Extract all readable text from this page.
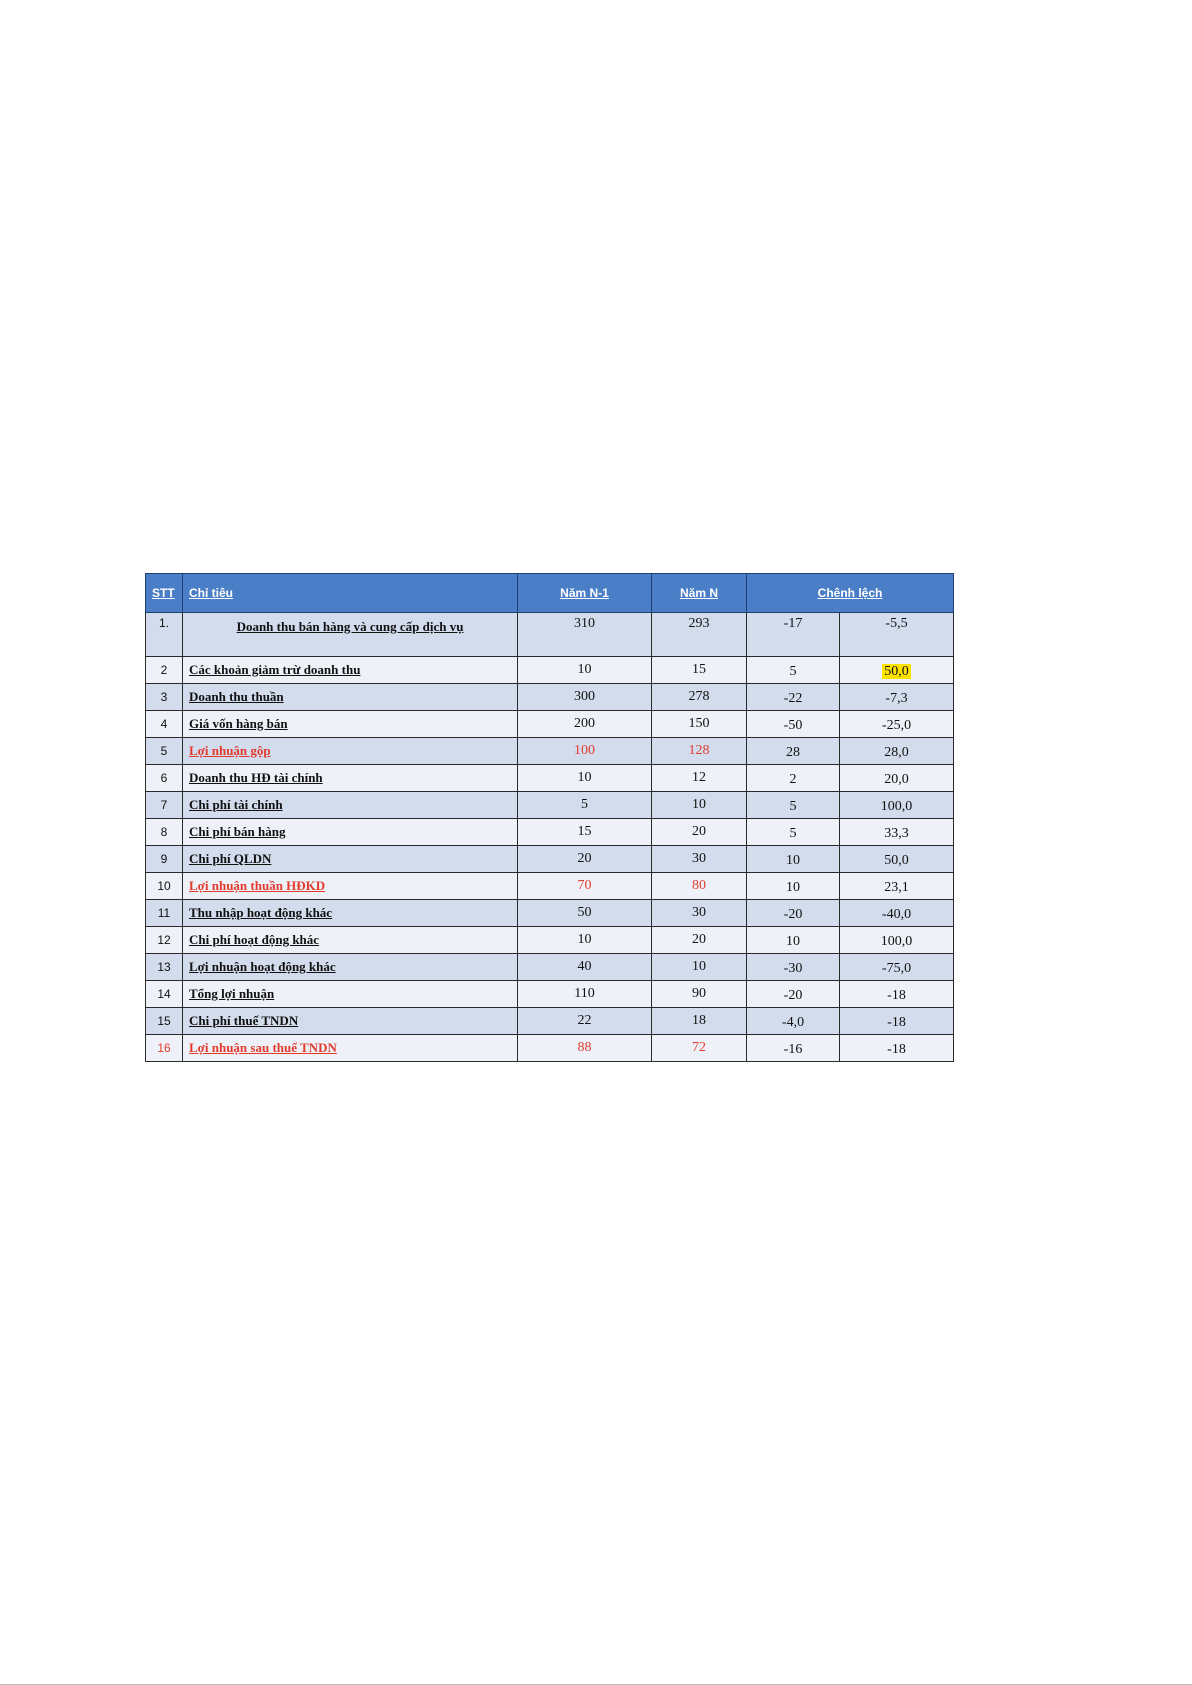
STT	Chỉ tiêu	Năm N-1	Năm N	Chênh lệch	
1.	Doanh thu bán hàng và cung cấp dịch vụ	310	293	-17	-5,5
2	Các khoản giảm trừ doanh thu	10	15	5	50,0
3	Doanh thu thuần	300	278	-22	-7,3
4	Giá vốn hàng bán	200	150	-50	-25,0
5	Lợi nhuận gộp	100	128	28	28,0
6	Doanh thu HĐ tài chính	10	12	2	20,0
7	Chi phí tài chính	5	10	5	100,0
8	Chi phí bán hàng	15	20	5	33,3
9	Chi phí QLDN	20	30	10	50,0
10	Lợi nhuận thuần HĐKD	70	80	10	23,1
11	Thu nhập hoạt động khác	50	30	-20	-40,0
12	Chi phí hoạt động khác	10	20	10	100,0
13	Lợi nhuận hoạt động khác	40	10	-30	-75,0
14	Tổng lợi nhuận	110	90	-20	-18
15	Chi phí thuế TNDN	22	18	-4,0	-18
16	Lợi nhuận sau thuế TNDN	88	72	-16	-18
